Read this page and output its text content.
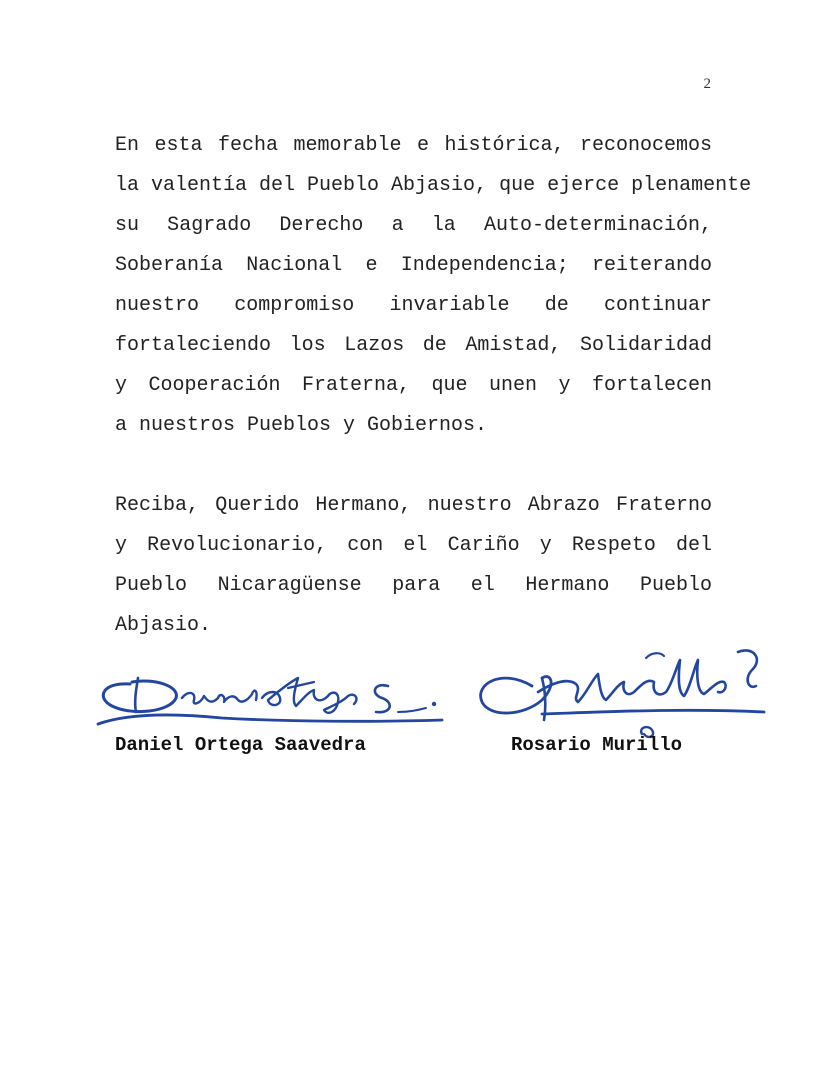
2
En esta fecha memorable e histórica, reconocemos
la valentía del Pueblo Abjasio, que ejerce plenamente
su Sagrado Derecho a la Auto-determinación,
Soberanía Nacional e Independencia; reiterando
nuestro compromiso invariable de continuar
fortaleciendo los Lazos de Amistad, Solidaridad
y Cooperación Fraterna, que unen y fortalecen
a nuestros Pueblos y Gobiernos.
Reciba, Querido Hermano, nuestro Abrazo Fraterno
y Revolucionario, con el Cariño y Respeto del
Pueblo Nicaragüense para el Hermano Pueblo
Abjasio.
Daniel Ortega Saavedra	Rosario Murillo
